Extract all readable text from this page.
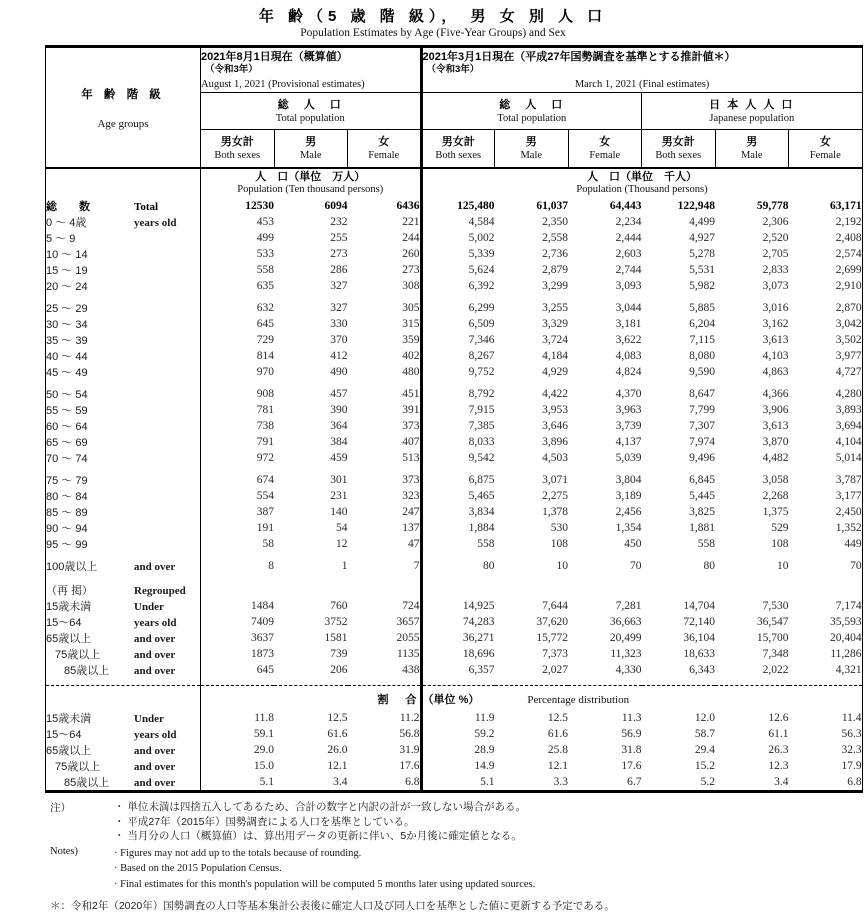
年 齢（5 歳 階 級）， 男 女 別 人 口
Population Estimates by Age (Five-Year Groups) and Sex
年 齢 階 級
Age groups

2021年8月1日現在（概算値）
（令和3年）
August 1, 2021 (Provisional estimates)

2021年3月1日現在（平成27年国勢調査を基準とする推計値＊）
（令和3年）
March 1, 2021 (Final estimates)

総　人　口
Total population

総　人　口
Total population

日 本 人 人 口
Japanese population

男女計
Both sexes

男
Male

女
Female

男女計
Both sexes

男
Male

女
Female

男女計
Both sexes

男
Male

女
Female

人　口（単位　万人）
Population (Ten thousand persons)

人　口（単位　千人）
Population (Thousand persons)

総　　数 Total	12530	6094	6436	125,480	61,037	64,443	122,948	59,778	63,171
0 〜 4歳 years old	453	232	221	4,584	2,350	2,234	4,499	2,306	2,192
5 〜 9	499	255	244	5,002	2,558	2,444	4,927	2,520	2,408
10 〜 14	533	273	260	5,339	2,736	2,603	5,278	2,705	2,574
15 〜 19	558	286	273	5,624	2,879	2,744	5,531	2,833	2,699
20 〜 24	635	327	308	6,392	3,299	3,093	5,982	3,073	2,910

25 〜 29	632	327	305	6,299	3,255	3,044	5,885	3,016	2,870
30 〜 34	645	330	315	6,509	3,329	3,181	6,204	3,162	3,042
35 〜 39	729	370	359	7,346	3,724	3,622	7,115	3,613	3,502
40 〜 44	814	412	402	8,267	4,184	4,083	8,080	4,103	3,977
45 〜 49	970	490	480	9,752	4,929	4,824	9,590	4,863	4,727

50 〜 54	908	457	451	8,792	4,422	4,370	8,647	4,366	4,280
55 〜 59	781	390	391	7,915	3,953	3,963	7,799	3,906	3,893
60 〜 64	738	364	373	7,385	3,646	3,739	7,307	3,613	3,694
65 〜 69	791	384	407	8,033	3,896	4,137	7,974	3,870	4,104
70 〜 74	972	459	513	9,542	4,503	5,039	9,496	4,482	5,014

75 〜 79	674	301	373	6,875	3,071	3,804	6,845	3,058	3,787
80 〜 84	554	231	323	5,465	2,275	3,189	5,445	2,268	3,177
85 〜 89	387	140	247	3,834	1,378	2,456	3,825	1,375	2,450
90 〜 94	191	54	137	1,884	530	1,354	1,881	529	1,352
95 〜 99	58	12	47	558	108	450	558	108	449

100歳以上 and over	8	1	7	80	10	70	80	10	70

（再 掲） Regrouped									
15歳未満 Under	1484	760	724	14,925	7,644	7,281	14,704	7,530	7,174
15〜64 years old	7409	3752	3657	74,283	37,620	36,663	72,140	36,547	35,593
65歳以上 and over	3637	1581	2055	36,271	15,772	20,499	36,104	15,700	20,404
75歳以上 and over	1873	739	1135	18,696	7,373	11,323	18,633	7,348	11,286
85歳以上 and over	645	206	438	6,357	2,027	4,330	6,343	2,022	4,321

	割　合			（単位 %） Percentage distribution					
15歳未満 Under	11.8	12.5	11.2	11.9	12.5	11.3	12.0	12.6	11.4
15〜64 years old	59.1	61.6	56.8	59.2	61.6	56.9	58.7	61.1	56.3
65歳以上 and over	29.0	26.0	31.9	28.9	25.8	31.8	29.4	26.3	32.3
75歳以上 and over	15.0	12.1	17.6	14.9	12.1	17.6	15.2	12.3	17.9
85歳以上 and over	5.1	3.4	6.8	5.1	3.3	6.7	5.2	3.4	6.8
注）	・ 単位未満は四捨五入してあるため、合計の数字と内訳の計が一致しない場合がある。
・ 平成27年（2015年）国勢調査による人口を基準としている。
・ 当月分の人口（概算値）は、算出用データの更新に伴い、5か月後に確定値となる。
Notes)	· Figures may not add up to the totals because of rounding.
· Based on the 2015 Population Census.
· Final estimates for this month's population will be computed 5 months later using updated sources.
＊：令和2年（2020年）国勢調査の人口等基本集計公表後に確定人口及び同人口を基準とした値に更新する予定である。
